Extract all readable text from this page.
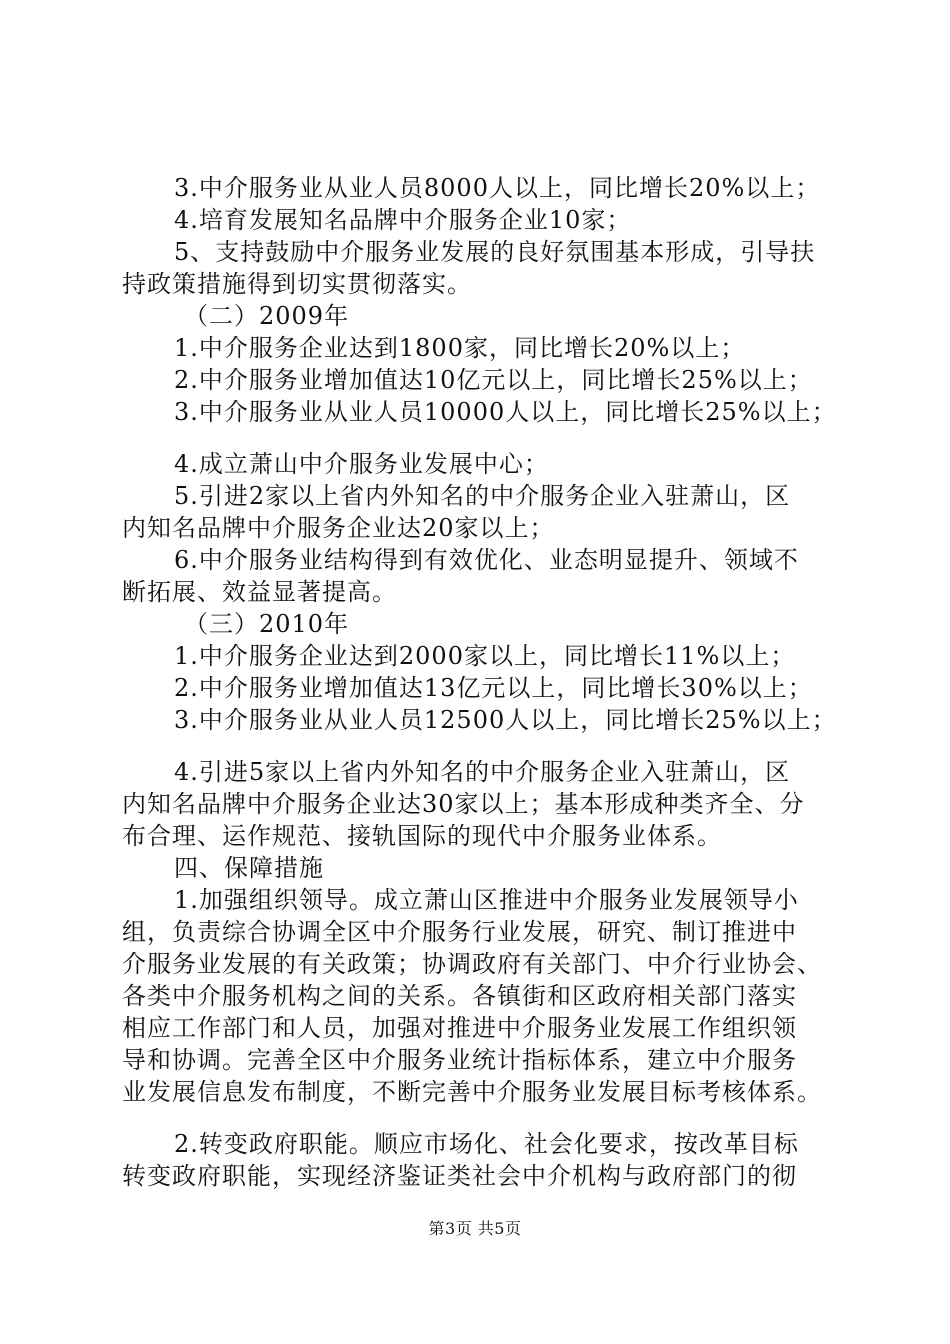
3.中介服务业从业人员8000人以上，同比增长20%以上；
4.培育发展知名品牌中介服务企业10家；
5、支持鼓励中介服务业发展的良好氛围基本形成，引导扶
持政策措施得到切实贯彻落实。
（二）2009年
1.中介服务企业达到1800家，同比增长20%以上；
2.中介服务业增加值达10亿元以上，同比增长25%以上；
3.中介服务业从业人员10000人以上，同比增长25%以上；
4.成立萧山中介服务业发展中心；
5.引进2家以上省内外知名的中介服务企业入驻萧山，区
内知名品牌中介服务企业达20家以上；
6.中介服务业结构得到有效优化、业态明显提升、领域不
断拓展、效益显著提高。
（三）2010年
1.中介服务企业达到2000家以上，同比增长11%以上；
2.中介服务业增加值达13亿元以上，同比增长30%以上；
3.中介服务业从业人员12500人以上，同比增长25%以上；
4.引进5家以上省内外知名的中介服务企业入驻萧山，区
内知名品牌中介服务企业达30家以上；基本形成种类齐全、分
布合理、运作规范、接轨国际的现代中介服务业体系。
四、保障措施
1.加强组织领导。成立萧山区推进中介服务业发展领导小
组，负责综合协调全区中介服务行业发展，研究、制订推进中
介服务业发展的有关政策；协调政府有关部门、中介行业协会、
各类中介服务机构之间的关系。各镇街和区政府相关部门落实
相应工作部门和人员，加强对推进中介服务业发展工作组织领
导和协调。完善全区中介服务业统计指标体系，建立中介服务
业发展信息发布制度，不断完善中介服务业发展目标考核体系。
2.转变政府职能。顺应市场化、社会化要求，按改革目标
转变政府职能，实现经济鉴证类社会中介机构与政府部门的彻
第3页 共5页
